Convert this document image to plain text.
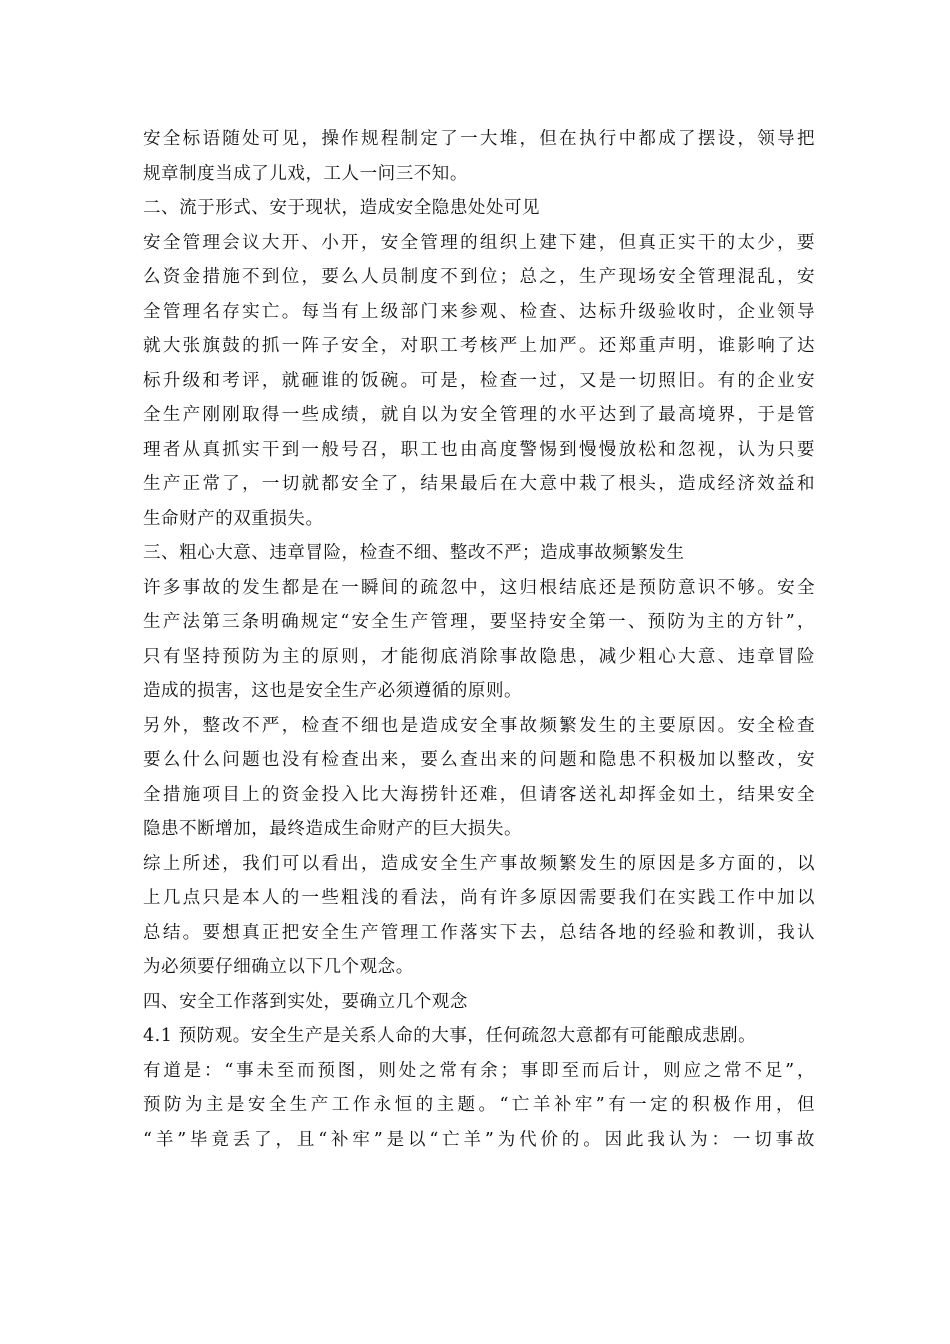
安全标语随处可见，操作规程制定了一大堆，但在执行中都成了摆设，领导把
规章制度当成了儿戏，工人一问三不知。
二、流于形式、安于现状，造成安全隐患处处可见
安全管理会议大开、小开，安全管理的组织上建下建，但真正实干的太少，要
么资金措施不到位，要么人员制度不到位；总之，生产现场安全管理混乱，安
全管理名存实亡。每当有上级部门来参观、检查、达标升级验收时，企业领导
就大张旗鼓的抓一阵子安全，对职工考核严上加严。还郑重声明，谁影响了达
标升级和考评，就砸谁的饭碗。可是，检查一过，又是一切照旧。有的企业安
全生产刚刚取得一些成绩，就自以为安全管理的水平达到了最高境界，于是管
理者从真抓实干到一般号召，职工也由高度警惕到慢慢放松和忽视，认为只要
生产正常了，一切就都安全了，结果最后在大意中栽了根头，造成经济效益和
生命财产的双重损失。
三、粗心大意、违章冒险，检查不细、整改不严；造成事故频繁发生
许多事故的发生都是在一瞬间的疏忽中，这归根结底还是预防意识不够。安全
生产法第三条明确规定“安全生产管理，要坚持安全第一、预防为主的方针”，
只有坚持预防为主的原则，才能彻底消除事故隐患，减少粗心大意、违章冒险
造成的损害，这也是安全生产必须遵循的原则。
另外，整改不严，检查不细也是造成安全事故频繁发生的主要原因。安全检查
要么什么问题也没有检查出来，要么查出来的问题和隐患不积极加以整改，安
全措施项目上的资金投入比大海捞针还难，但请客送礼却挥金如土，结果安全
隐患不断增加，最终造成生命财产的巨大损失。
综上所述，我们可以看出，造成安全生产事故频繁发生的原因是多方面的，以
上几点只是本人的一些粗浅的看法，尚有许多原因需要我们在实践工作中加以
总结。要想真正把安全生产管理工作落实下去，总结各地的经验和教训，我认
为必须要仔细确立以下几个观念。
四、安全工作落到实处，要确立几个观念
4.1 预防观。安全生产是关系人命的大事，任何疏忽大意都有可能酿成悲剧。
有道是：“事未至而预图，则处之常有余；事即至而后计，则应之常不足”，
预防为主是安全生产工作永恒的主题。“亡羊补牢”有一定的积极作用，但
“羊”毕竟丢了，且“补牢”是以“亡羊”为代价的。因此我认为：一切事故
